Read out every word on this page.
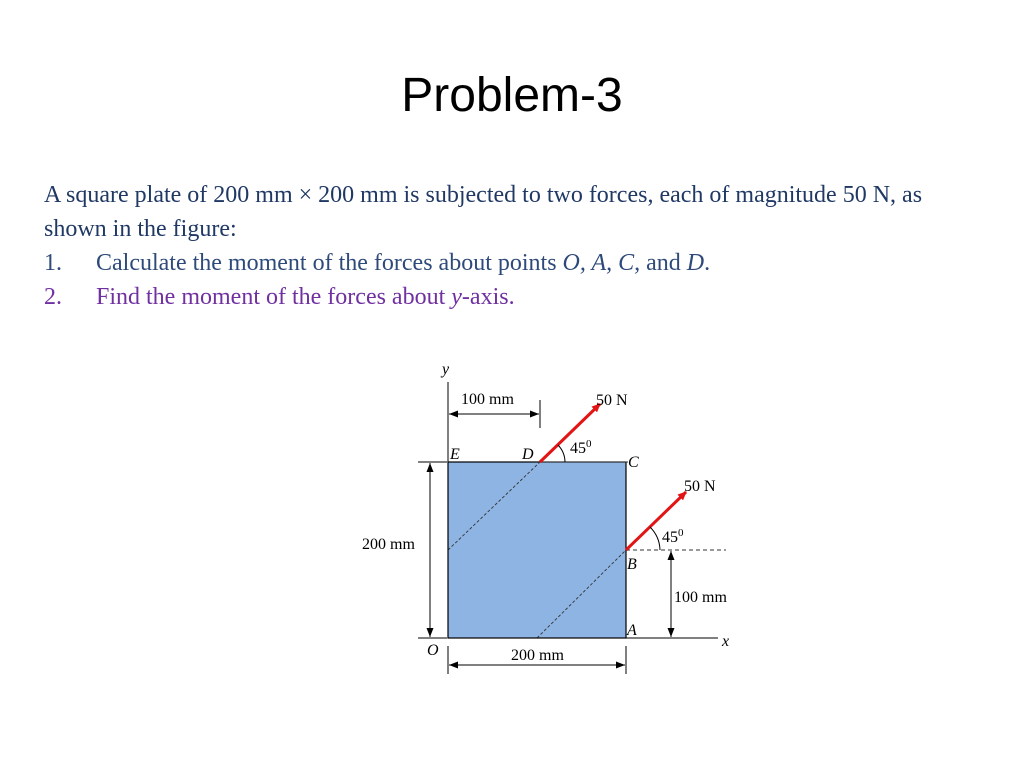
Problem-3
A square plate of 200 mm × 200 mm is subjected to two forces, each of magnitude 50 N, as shown in the figure:
1. Calculate the moment of the forces about points O, A, C, and D.
2. Find the moment of the forces about y-axis.
y
x
50 N
50 N
$45^0$
$45^0$
E	D	C
B
A
O
100 mm
200 mm
200 mm
100 mm
